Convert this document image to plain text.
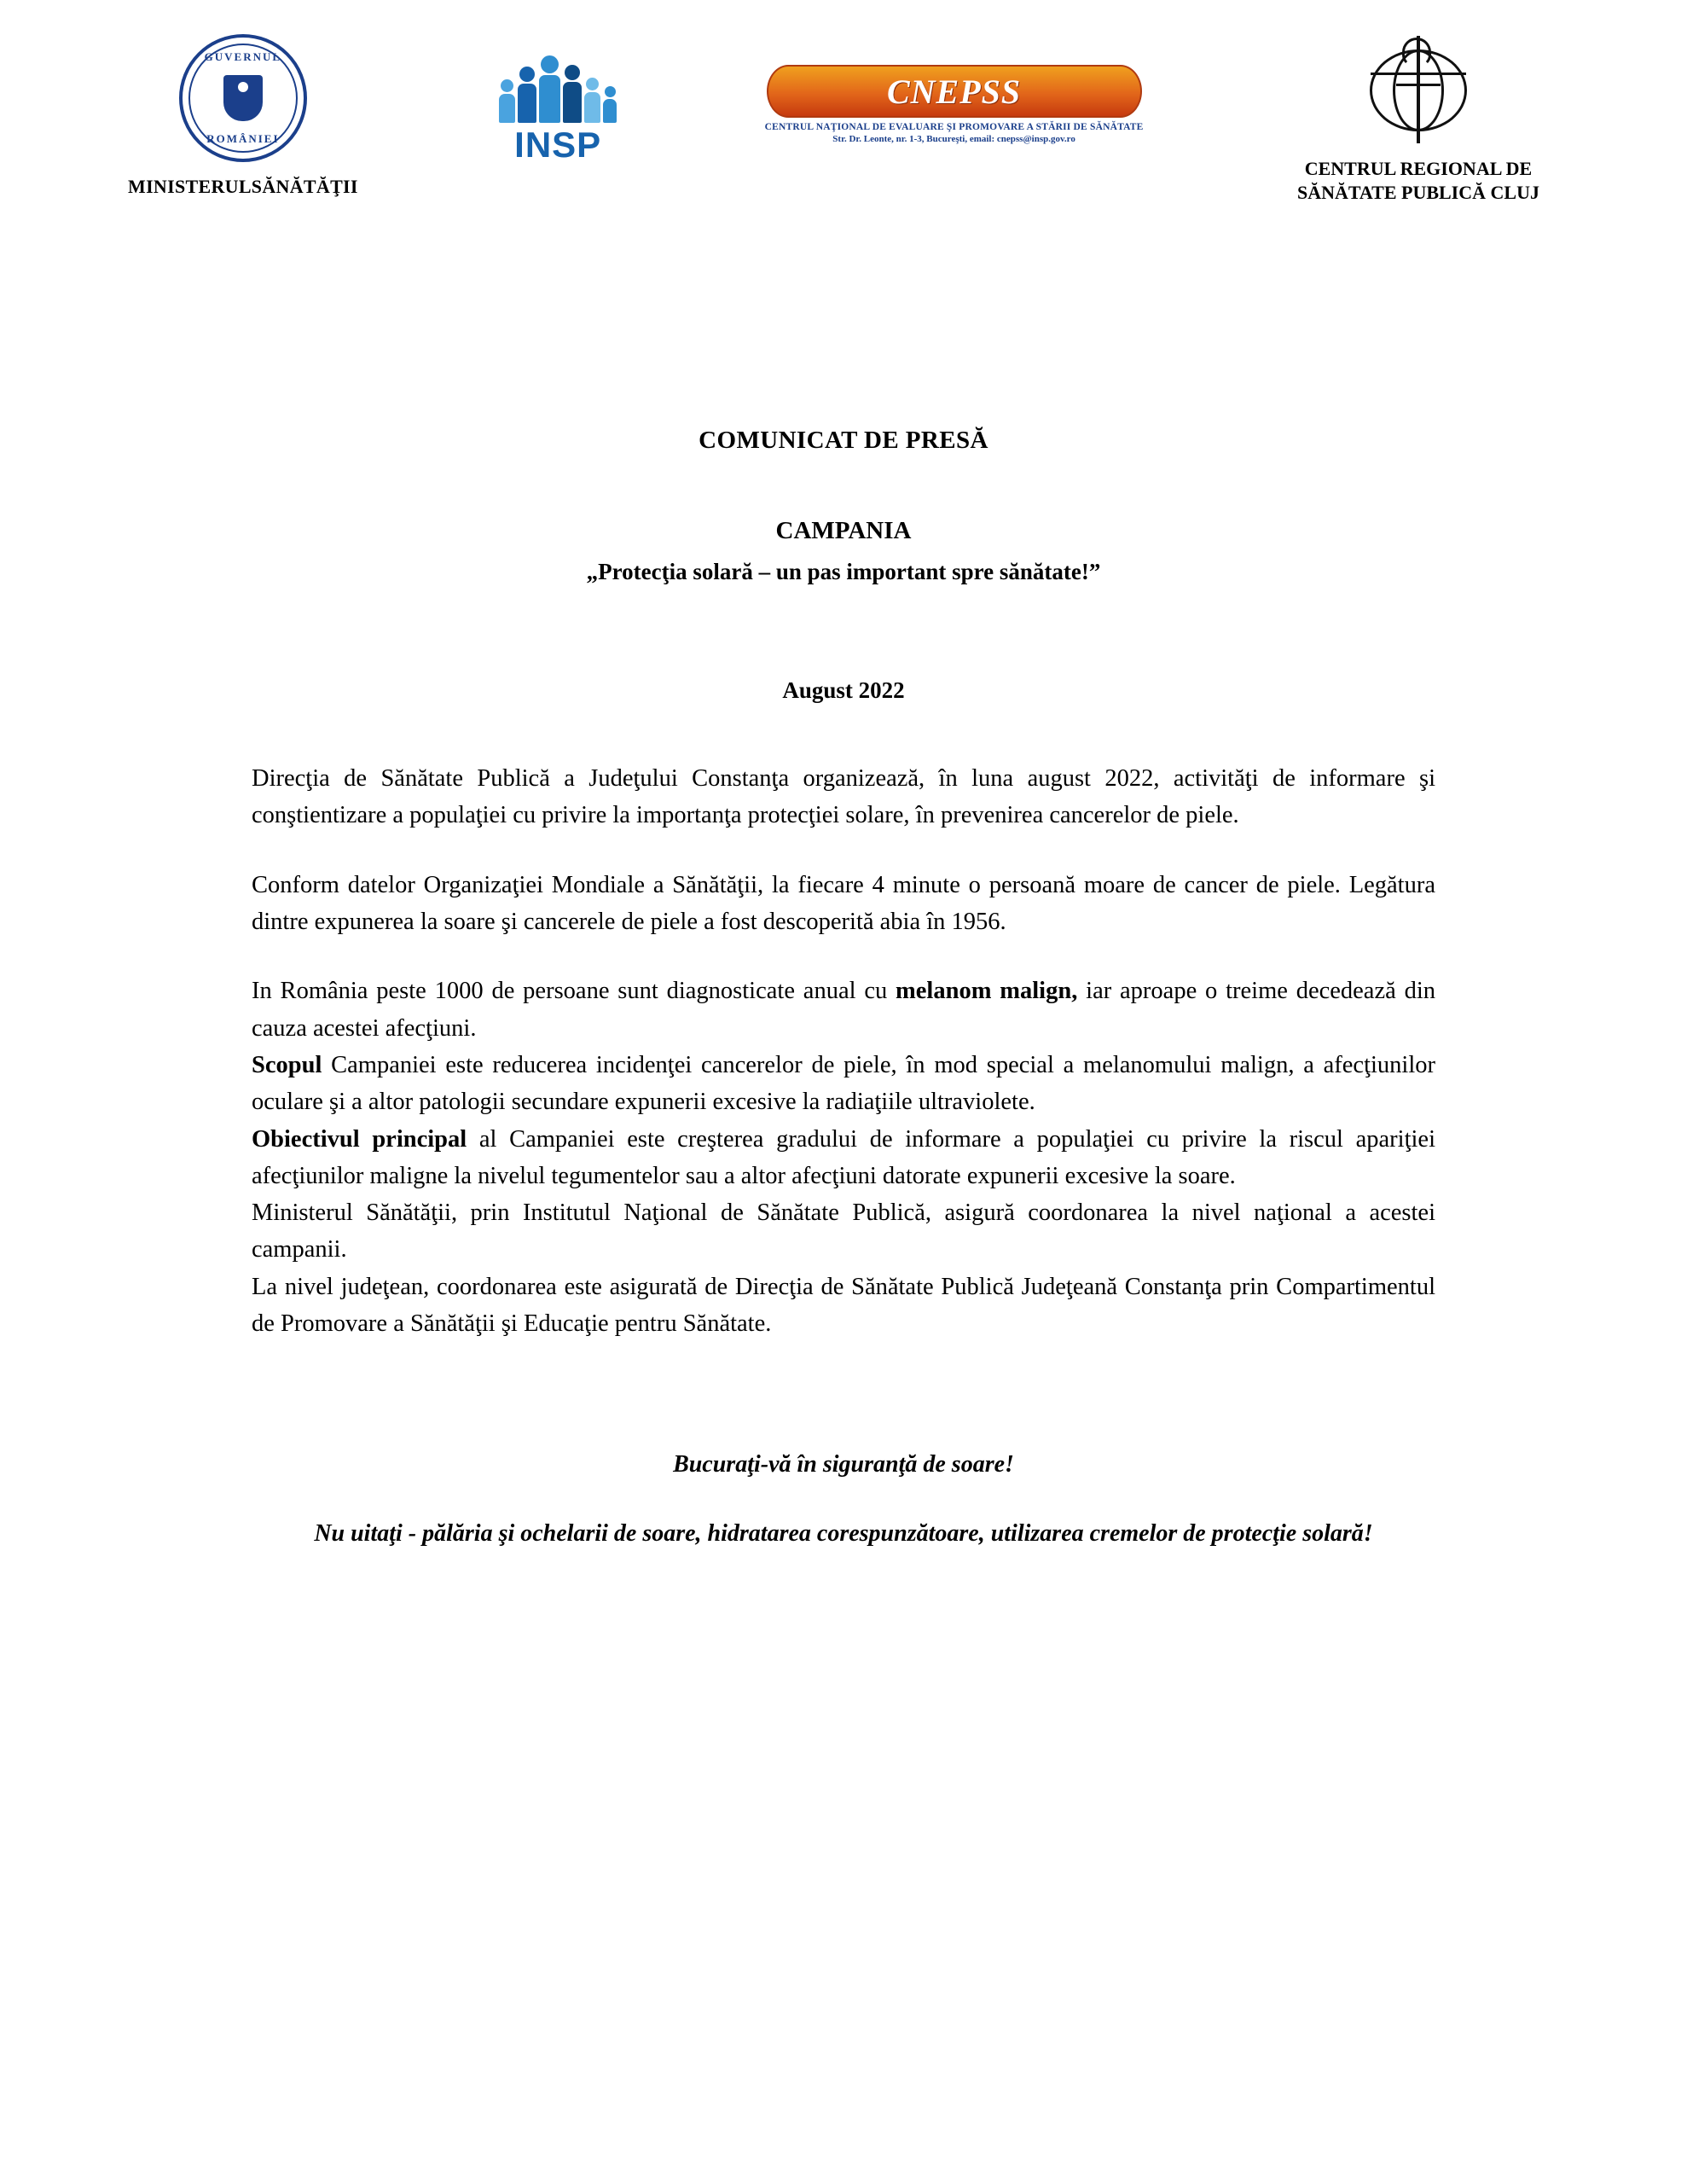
GUVERNUL
ROMÂNIEI
MINISTERULSĂNĂTĂŢII
INSP
CNEPSS
CENTRUL NAŢIONAL DE EVALUARE ŞI PROMOVARE A STĂRII DE SĂNĂTATE
Str. Dr. Leonte, nr. 1-3, Bucureşti, email: cnepss@insp.gov.ro
CENTRUL REGIONAL DE
SĂNĂTATE PUBLICĂ CLUJ
COMUNICAT DE PRESĂ
CAMPANIA
„Protecţia solară – un pas important spre sănătate!”
August 2022

Direcţia de Sănătate Publică a Judeţului Constanţa organizează, în luna august 2022, activităţi de informare şi conştientizare a populaţiei cu privire la importanţa protecţiei solare, în prevenirea cancerelor de piele.

Conform datelor Organizaţiei Mondiale a Sănătăţii, la fiecare 4 minute o persoană moare de cancer de piele. Legătura dintre expunerea la soare şi cancerele de piele a fost descoperită abia în 1956.

In România peste 1000 de persoane sunt diagnosticate anual cu melanom malign, iar aproape o treime decedează din cauza acestei afecţiuni.

Scopul Campaniei este reducerea incidenţei cancerelor de piele, în mod special a melanomului malign, a afecţiunilor oculare şi a altor patologii secundare expunerii excesive la radiaţiile ultraviolete.

Obiectivul principal al Campaniei este creşterea gradului de informare a populaţiei cu privire la riscul apariţiei afecţiunilor maligne la nivelul tegumentelor sau a altor afecţiuni datorate expunerii excesive la soare.

Ministerul Sănătăţii, prin Institutul Naţional de Sănătate Publică, asigură coordonarea la nivel naţional a acestei campanii.

La nivel judeţean, coordonarea este asigurată de Direcţia de Sănătate Publică Judeţeană Constanţa prin Compartimentul de Promovare a Sănătăţii şi Educaţie pentru Sănătate.

Bucuraţi-vă în siguranţă de soare!
Nu uitaţi - pălăria şi ochelarii de soare, hidratarea corespunzătoare, utilizarea cremelor de protecţie solară!
